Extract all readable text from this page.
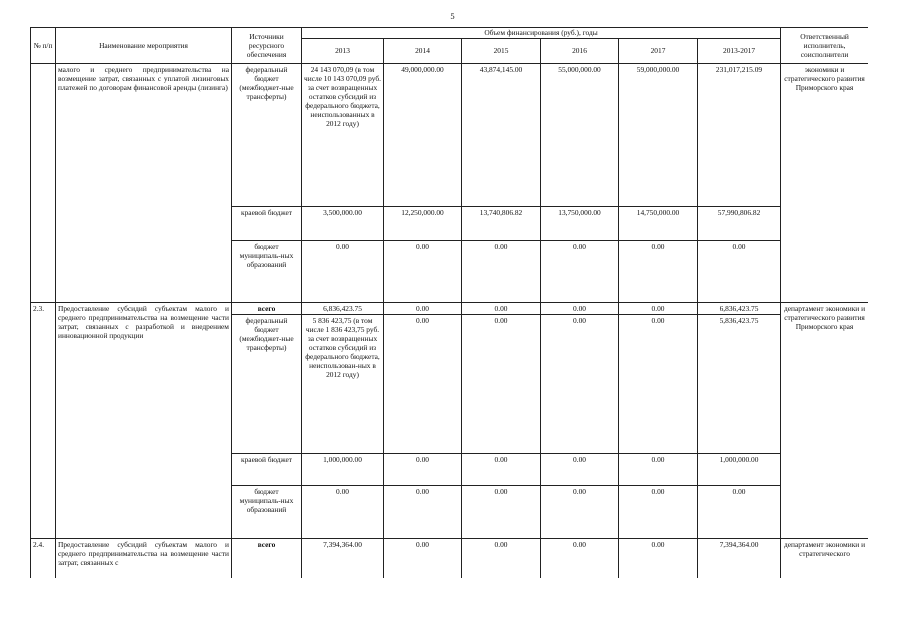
5
№ п/п	Наименование мероприятия	Источники ресурсного обеспечения	Объем финансирования (руб.), годы						Ответственный исполнитель, соисполнители
			2013	2014	2015	2016	2017	2013-2017	
	малого и среднего предпринимательства на возмещение затрат, связанных с уплатой лизинговых платежей по договорам финансовой аренды (лизинга)	федеральный бюджет (межбюджет-ные трансферты)	24 143 070,09 (в том числе 10 143 070,09 руб. за счет возвращенных остатков субсидий из федерального бюджета, неиспользованных в 2012 году)	49,000,000.00	43,874,145.00	55,000,000.00	59,000,000.00	231,017,215.09	экономики и стратегического развития Приморского края
		краевой бюджет	3,500,000.00	12,250,000.00	13,740,806.82	13,750,000.00	14,750,000.00	57,990,806.82	
		бюджет муниципаль-ных образований	0.00	0.00	0.00	0.00	0.00	0.00	
2.3.	Предоставление субсидий субъектам малого и среднего предпринимательства на возмещение части затрат, связанных с разработкой и внедрением инновационной продукции	всего	6,836,423.75	0.00	0.00	0.00	0.00	6,836,423.75	департамент экономики и стратегического развития Приморского края
		федеральный бюджет (межбюджет-ные трансферты)	5 836 423,75 (в том числе 1 836 423,75 руб. за счет возвращенных остатков субсидий из федерального бюджета, неиспользован-ных в 2012 году)	0.00	0.00	0.00	0.00	5,836,423.75	
		краевой бюджет	1,000,000.00	0.00	0.00	0.00	0.00	1,000,000.00	
		бюджет муниципаль-ных образований	0.00	0.00	0.00	0.00	0.00	0.00	
2.4.	Предоставление субсидий субъектам малого и среднего предпринимательства на возмещение части затрат, связанных с	всего	7,394,364.00	0.00	0.00	0.00	0.00	7,394,364.00	департамент экономики и стратегического
